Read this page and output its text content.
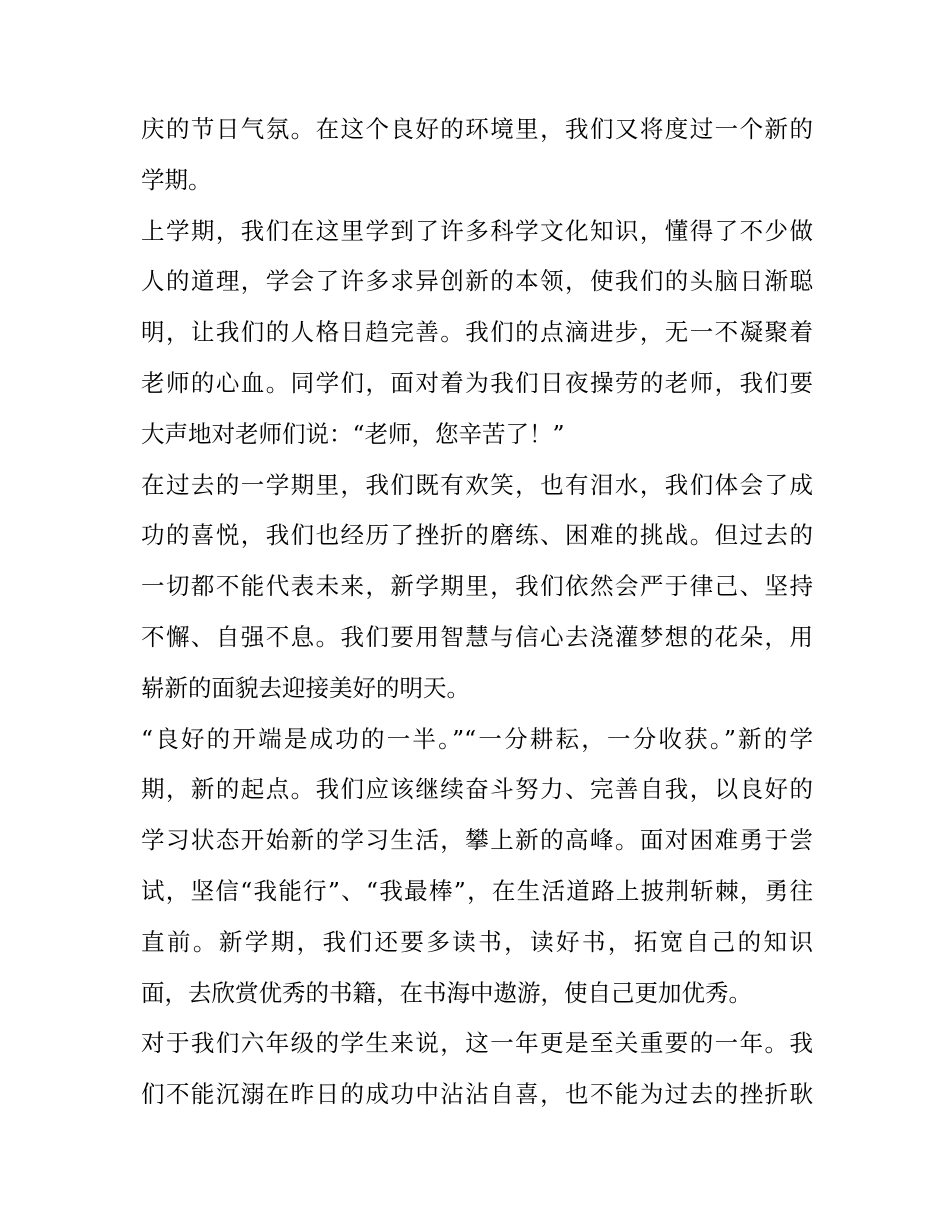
庆的节日气氛。在这个良好的环境里，我们又将度过一个新的
学期。
上学期，我们在这里学到了许多科学文化知识，懂得了不少做
人的道理，学会了许多求异创新的本领，使我们的头脑日渐聪
明，让我们的人格日趋完善。我们的点滴进步，无一不凝聚着
老师的心血。同学们，面对着为我们日夜操劳的老师，我们要
大声地对老师们说：“老师，您辛苦了！”
在过去的一学期里，我们既有欢笑，也有泪水，我们体会了成
功的喜悦，我们也经历了挫折的磨练、困难的挑战。但过去的
一切都不能代表未来，新学期里，我们依然会严于律己、坚持
不懈、自强不息。我们要用智慧与信心去浇灌梦想的花朵，用
崭新的面貌去迎接美好的明天。
“良好的开端是成功的一半。”“一分耕耘，一分收获。”新的学
期，新的起点。我们应该继续奋斗努力、完善自我，以良好的
学习状态开始新的学习生活，攀上新的高峰。面对困难勇于尝
试，坚信“我能行”、“我最棒”，在生活道路上披荆斩棘，勇往
直前。新学期，我们还要多读书，读好书，拓宽自己的知识
面，去欣赏优秀的书籍，在书海中遨游，使自己更加优秀。
对于我们六年级的学生来说，这一年更是至关重要的一年。我
们不能沉溺在昨日的成功中沾沾自喜，也不能为过去的挫折耿
